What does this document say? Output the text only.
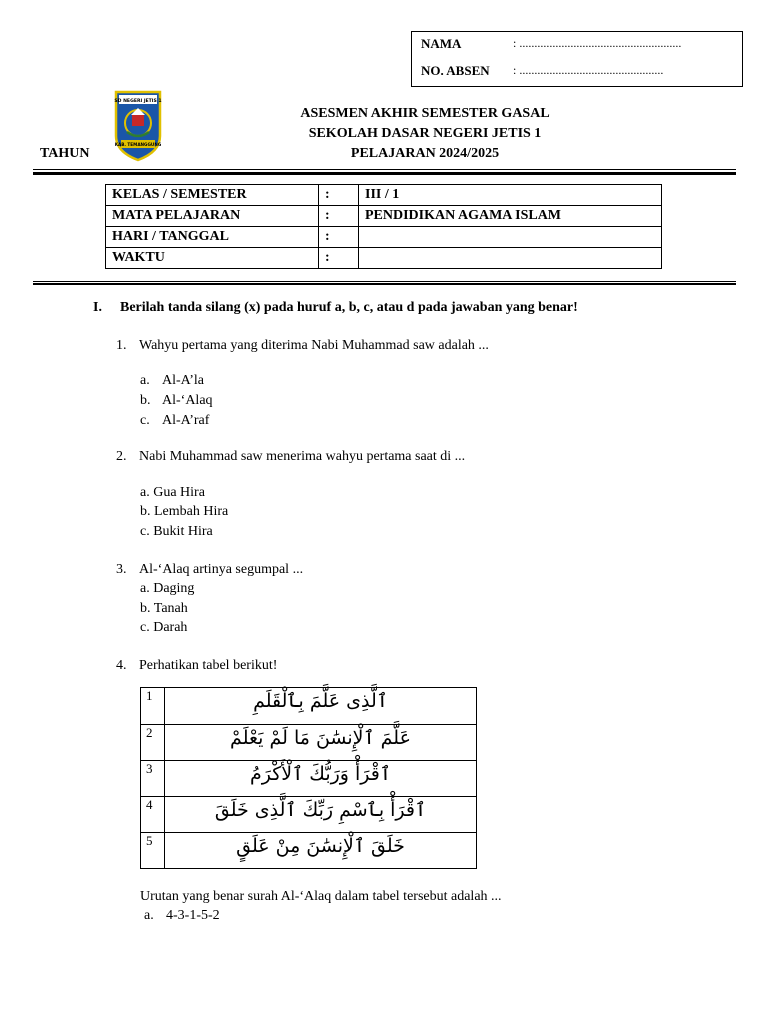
NAMA	: ......................................................
NO. ABSEN	: ................................................
SD NEGERI JETIS 1
KAB. TEMANGGUNG
ASESMEN AKHIR SEMESTER GASAL
SEKOLAH DASAR NEGERI JETIS 1
TAHUN	PELAJARAN 2024/2025
KELAS / SEMESTER	:	III / 1
MATA PELAJARAN	:	PENDIDIKAN AGAMA ISLAM
HARI / TANGGAL	:	
WAKTU	:	
I. Berilah tanda silang (x) pada huruf a, b, c, atau d pada jawaban yang benar!
1. Wahyu pertama yang diterima Nabi Muhammad saw adalah ...
a. Al-A’la
b. Al-‘Alaq
c. Al-A’raf
2. Nabi Muhammad saw menerima wahyu pertama saat di ...
a. Gua Hira
b. Lembah Hira
c. Bukit Hira
3. Al-‘Alaq artinya segumpal ...
a. Daging
b. Tanah
c. Darah
4. Perhatikan tabel berikut!
1	ٱلَّذِى عَلَّمَ بِٱلْقَلَمِ
2	عَلَّمَ ٱلْإِنسَٰنَ مَا لَمْ يَعْلَمْ
3	ٱقْرَأْ وَرَبُّكَ ٱلْأَكْرَمُ
4	ٱقْرَأْ بِٱسْمِ رَبِّكَ ٱلَّذِى خَلَقَ
5	خَلَقَ ٱلْإِنسَٰنَ مِنْ عَلَقٍ
Urutan yang benar surah Al-‘Alaq dalam tabel tersebut adalah ...
a. 4-3-1-5-2
